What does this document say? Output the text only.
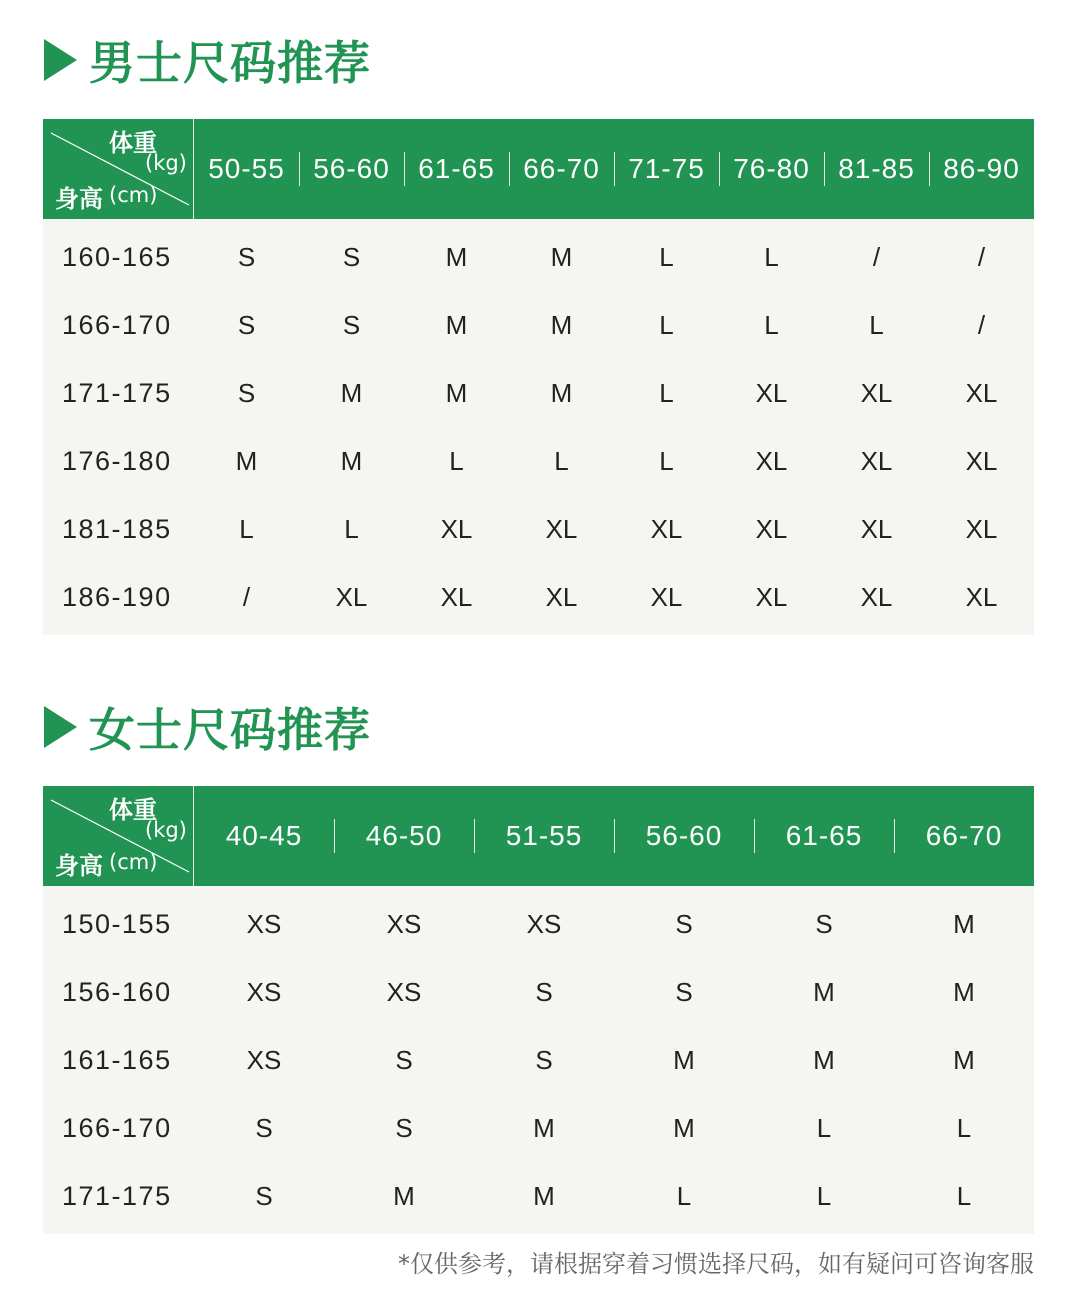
男士尺码推荐
体重
(kg)
身高 (cm)
50-55	56-60	61-65	66-70	71-75	76-80	81-85	86-90
160-165	S	S	M	M	L	L	/	/
166-170	S	S	M	M	L	L	L	/
171-175	S	M	M	M	L	XL	XL	XL
176-180	M	M	L	L	L	XL	XL	XL
181-185	L	L	XL	XL	XL	XL	XL	XL
186-190	/	XL	XL	XL	XL	XL	XL	XL
女士尺码推荐
体重
(kg)
身高 (cm)
40-45	46-50	51-55	56-60	61-65	66-70
150-155	XS	XS	XS	S	S	M
156-160	XS	XS	S	S	M	M
161-165	XS	S	S	M	M	M
166-170	S	S	M	M	L	L
171-175	S	M	M	L	L	L
*仅供参考，请根据穿着习惯选择尺码，如有疑问可咨询客服
